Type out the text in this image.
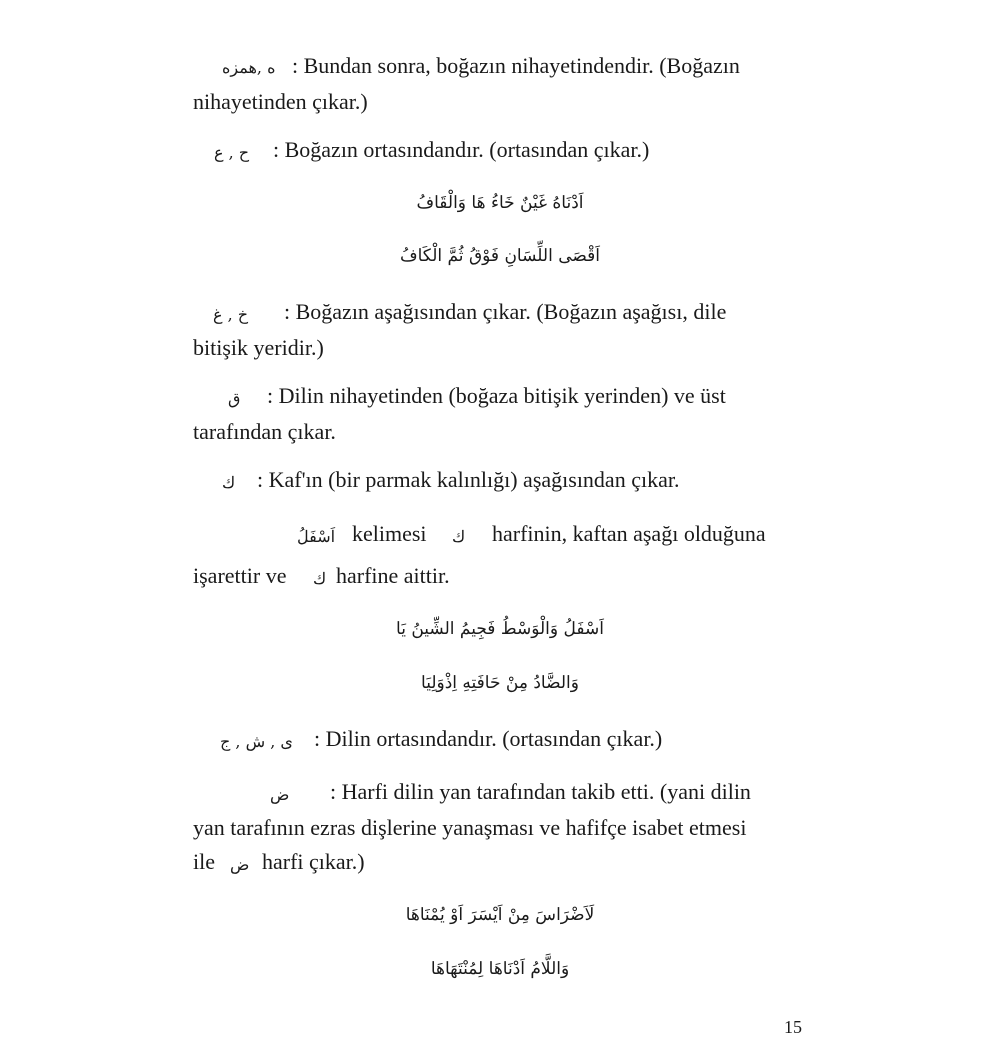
ه ,همزه : Bundan sonra, boğazın nihayetindendir. (Boğazın
nihayetinden çıkar.)
ح , ع : Boğazın ortasındandır. (ortasından çıkar.)
اَدْنَاهُ غَيْنٌ خَاءُ هَا وَالْقَافُ
اَقْصَى اللِّسَانِ فَوْقُ ثُمَّ الْكَافُ
خ , غ : Boğazın aşağısından çıkar. (Boğazın aşağısı, dile
bitişik yeridir.)
ق : Dilin nihayetinden (boğaza bitişik yerinden) ve üst
tarafından çıkar.
ك : Kaf'ın (bir parmak kalınlığı) aşağısından çıkar.
اَسْفَلُ kelimesi ك harfinin, kaftan aşağı olduğuna
işarettir ve ك harfine aittir.
اَسْفَلُ وَالْوَسْطُ فَجِيمُ الشِّينُ يَا
وَالضَّادُ مِنْ حَافَتِهِ اِذْوَلِيَا
ى , ش , ج : Dilin ortasındandır. (ortasından çıkar.)
ض : Harfi dilin yan tarafından takib etti. (yani dilin
yan tarafının ezras dişlerine yanaşması ve hafifçe isabet etmesi
ile ض harfi çıkar.)
لَاَضْرَاسَ مِنْ اَيْسَرَ اَوْ يُمْنَاهَا
وَاللَّامُ اَدْنَاهَا لِمُنْتَهَاهَا
15
